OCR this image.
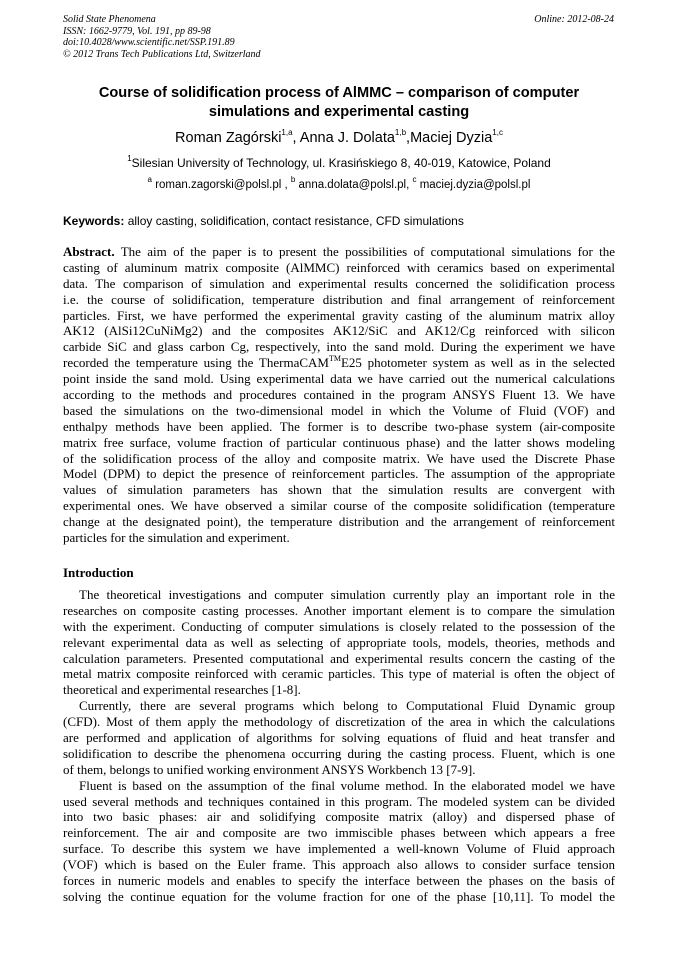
Solid State Phenomena
ISSN: 1662-9779, Vol. 191, pp 89-98
doi:10.4028/www.scientific.net/SSP.191.89
© 2012 Trans Tech Publications Ltd, Switzerland
Online: 2012-08-24
Course of solidification process of AlMMC – comparison of computer
simulations and experimental casting
Roman Zagórski$^{1,a}$, Anna J. Dolata$^{1,b}$,Maciej Dyzia$^{1,c}$
$^1$Silesian University of Technology, ul. Krasińskiego 8, 40-019, Katowice, Poland
$^a$ roman.zagorski@polsl.pl , $^b$ anna.dolata@polsl.pl, $^c$ maciej.dyzia@polsl.pl
Keywords: alloy casting, solidification, contact resistance, CFD simulations
Abstract. The aim of the paper is to present the possibilities of computational simulations for the
casting of aluminum matrix composite (AlMMC) reinforced with ceramics based on experimental
data. The comparison of simulation and experimental results concerned the solidification process
i.e. the course of solidification, temperature distribution and final arrangement of reinforcement
particles. First, we have performed the experimental gravity casting of the aluminum matrix alloy
AK12 (AlSi12CuNiMg2) and the composites AK12/SiC and AK12/Cg reinforced with silicon
carbide SiC and glass carbon Cg, respectively, into the sand mold. During the experiment we have
recorded the temperature using the ThermaCAM™E25 photometer system as well as in the selected
point inside the sand mold. Using experimental data we have carried out the numerical calculations
according to the methods and procedures contained in the program ANSYS Fluent 13. We have
based the simulations on the two-dimensional model in which the Volume of Fluid (VOF) and
enthalpy methods have been applied. The former is to describe two-phase system (air-composite
matrix free surface, volume fraction of particular continuous phase) and the latter shows modeling
of the solidification process of the alloy and composite matrix. We have used the Discrete Phase
Model (DPM) to depict the presence of reinforcement particles. The assumption of the appropriate
values of simulation parameters has shown that the simulation results are convergent with
experimental ones. We have observed a similar course of the composite solidification (temperature
change at the designated point), the temperature distribution and the arrangement of reinforcement
particles for the simulation and experiment.
Introduction
The theoretical investigations and computer simulation currently play an important role in the
researches on composite casting processes. Another important element is to compare the simulation
with the experiment. Conducting of computer simulations is closely related to the possession of the
relevant experimental data as well as selecting of appropriate tools, models, theories, methods and
calculation parameters. Presented computational and experimental results concern the casting of the
metal matrix composite reinforced with ceramic particles. This type of material is often the object of
theoretical and experimental researches [1-8].
Currently, there are several programs which belong to Computational Fluid Dynamic group
(CFD). Most of them apply the methodology of discretization of the area in which the calculations
are performed and application of algorithms for solving equations of fluid and heat transfer and
solidification to describe the phenomena occurring during the casting process. Fluent, which is one
of them, belongs to unified working environment ANSYS Workbench 13 [7-9].
Fluent is based on the assumption of the final volume method. In the elaborated model we have
used several methods and techniques contained in this program. The modeled system can be divided
into two basic phases: air and solidifying composite matrix (alloy) and dispersed phase of
reinforcement. The air and composite are two immiscible phases between which appears a free
surface. To describe this system we have implemented a well-known Volume of Fluid approach
(VOF) which is based on the Euler frame. This approach also allows to consider surface tension
forces in numeric models and enables to specify the interface between the phases on the basis of
solving the continue equation for the volume fraction for one of the phase [10,11]. To model the
